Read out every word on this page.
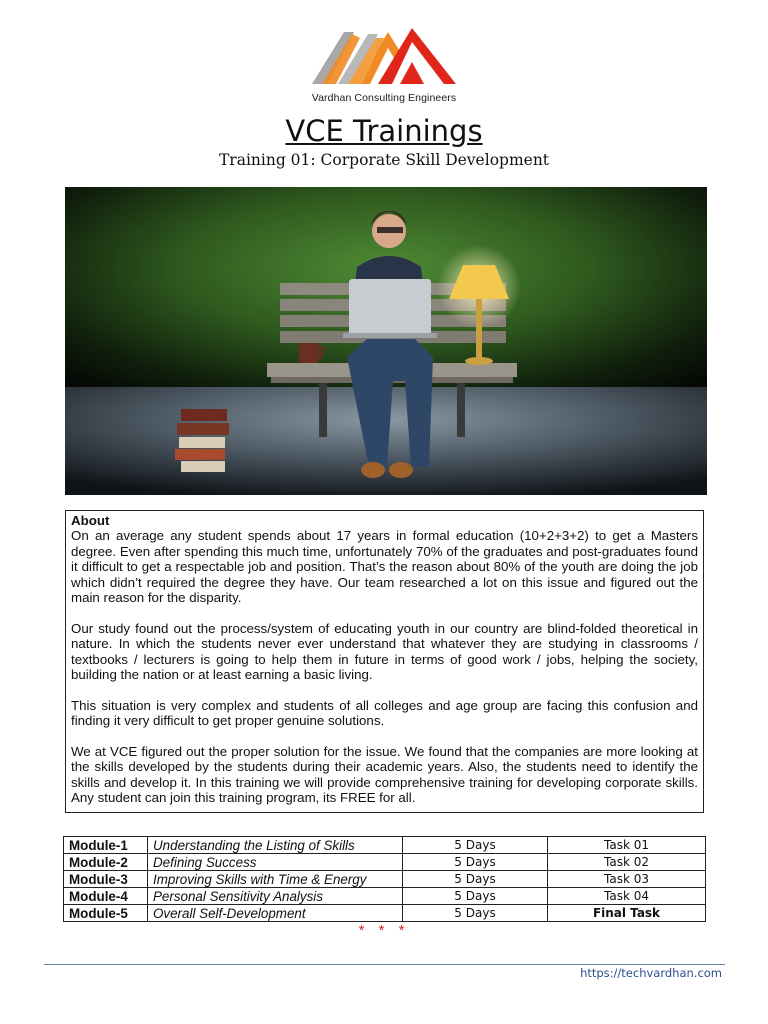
Vardhan Consulting Engineers
VCE Trainings
Training 01: Corporate Skill Development
About

On an average any student spends about 17 years in formal education (10+2+3+2) to get a Masters degree. Even after spending this much time, unfortunately 70% of the graduates and post-graduates found it difficult to get a respectable job and position. That’s the reason about 80% of the youth are doing the job which didn’t required the degree they have. Our team researched a lot on this issue and figured out the main reason for the disparity.

Our study found out the process/system of educating youth in our country are blind-folded theoretical in nature. In which the students never ever understand that whatever they are studying in classrooms / textbooks / lecturers is going to help them in future in terms of good work / jobs, helping the society, building the nation or at least earning a basic living.

This situation is very complex and students of all colleges and age group are facing this confusion and finding it very difficult to get proper genuine solutions.

We at VCE figured out the proper solution for the issue. We found that the companies are more looking at the skills developed by the students during their academic years. Also, the students need to identify the skills and develop it. In this training we will provide comprehensive training for developing corporate skills. Any student can join this training program, its FREE for all.

Module-1	Understanding the Listing of Skills	5 Days	Task 01
Module-2	Defining Success	5 Days	Task 02
Module-3	Improving Skills with Time & Energy	5 Days	Task 03
Module-4	Personal Sensitivity Analysis	5 Days	Task 04
Module-5	Overall Self-Development	5 Days	Final Task
* * *
https://techvardhan.com
